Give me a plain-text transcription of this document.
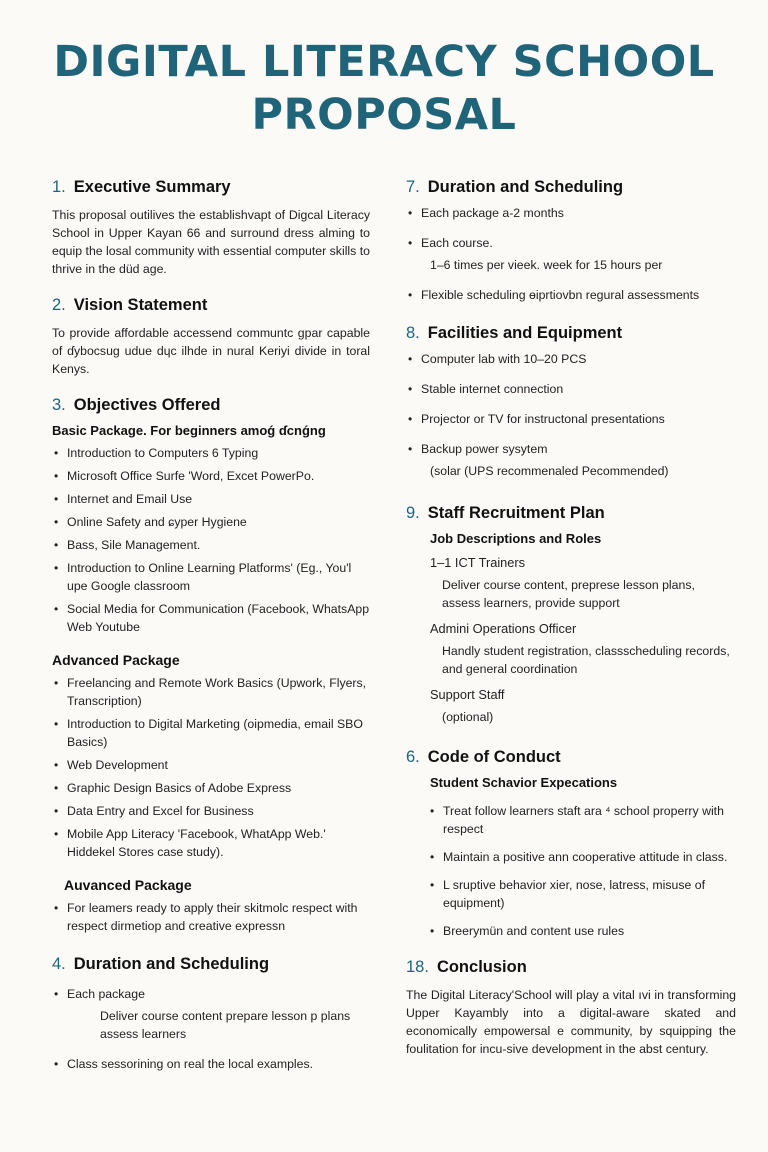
DIGITAL LITERACY SCHOOL
PROPOSAL
1. Executive Summary

This proposal outilives the establishvapt of Digcal Literacy School in Upper Kayan 66 and surround dress alming to equip the losal community with essential computer skills to thrive in the düd age.

2. Vision Statement

To provide affordable accessend communtc gpar capable of ɗybocsug udue dɥc ilhde in nural Keriyi divide in toral Kenys.

3. Objectives Offered
Basic Package. For beginners amoǵ ɗcnǵng
• Introduction to Computers 6 Typing
• Microsoft Office Surfe 'Word, Excet PowerPo.
• Internet and Email Use
• Online Safety and ɕyper Hygiene
• Bass, Sile Management.
• Introduction to Online Learning Platforms' (Eg., You'l upe Google classroom
• Social Media for Communication (Facebook, WhatsApp Web Youtube
Advanced Package
• Freelancing and Remote Work Basics (Upwork, Flyers, Transcription)
• Introduction to Digital Marketing (oipmedia, email SBO Basics)
• Web Development
• Graphic Design Basics of Adobe Express
• Data Entry and Excel for Business
• Mobile App Literacy 'Facebook, WhatApp Web.' Hiddekel Stores case study).
Auvanced Package
• For leamers ready to apply their skitmolc respect with respect dirmetiop and creative expressn
4. Duration and Scheduling
• Each package
Deliver course content prepare lesson p plans assess learners
• Class sessorining on real the local examples.
7. Duration and Scheduling
• Each package a-2 months
• Each course.
1–6 times per vieek. week for 15 hours per
• Flexible scheduling ɵiprtiovbn regural assessments
8. Facilities and Equipment
• Computer lab with 10–20 PCS
• Stable internet connection
• Projector or TV for instructonal presentations
• Backup power sysytem
(solar (UPS recommenaled Pecommended)
9. Staff Recruitment Plan
Job Descriptions and Roles
1–1 ICT Trainers
Deliver course content, preprese lesson plans, assess learners, provide support
Admini Operations Officer
Handly student registration, classscheduling records, and general coordination
Support Staff
(optional)
6. Code of Conduct
Student Schavior Expecations
• Treat follow learners staft ara ⁴ school properry with respect
• Maintain a positive ann cooperative attitude in class.
• L sruptive behavior xier, nose, latress, misuse of equipment)
• Breerymün and content use rules
18. Conclusion

The Digital Literacy'School will play a vital ıvi in transforming Upper Kayambly into a digital-aware skated and economically empowersal e community, by squipping the foulitation for incu-sive development in the abst century.
